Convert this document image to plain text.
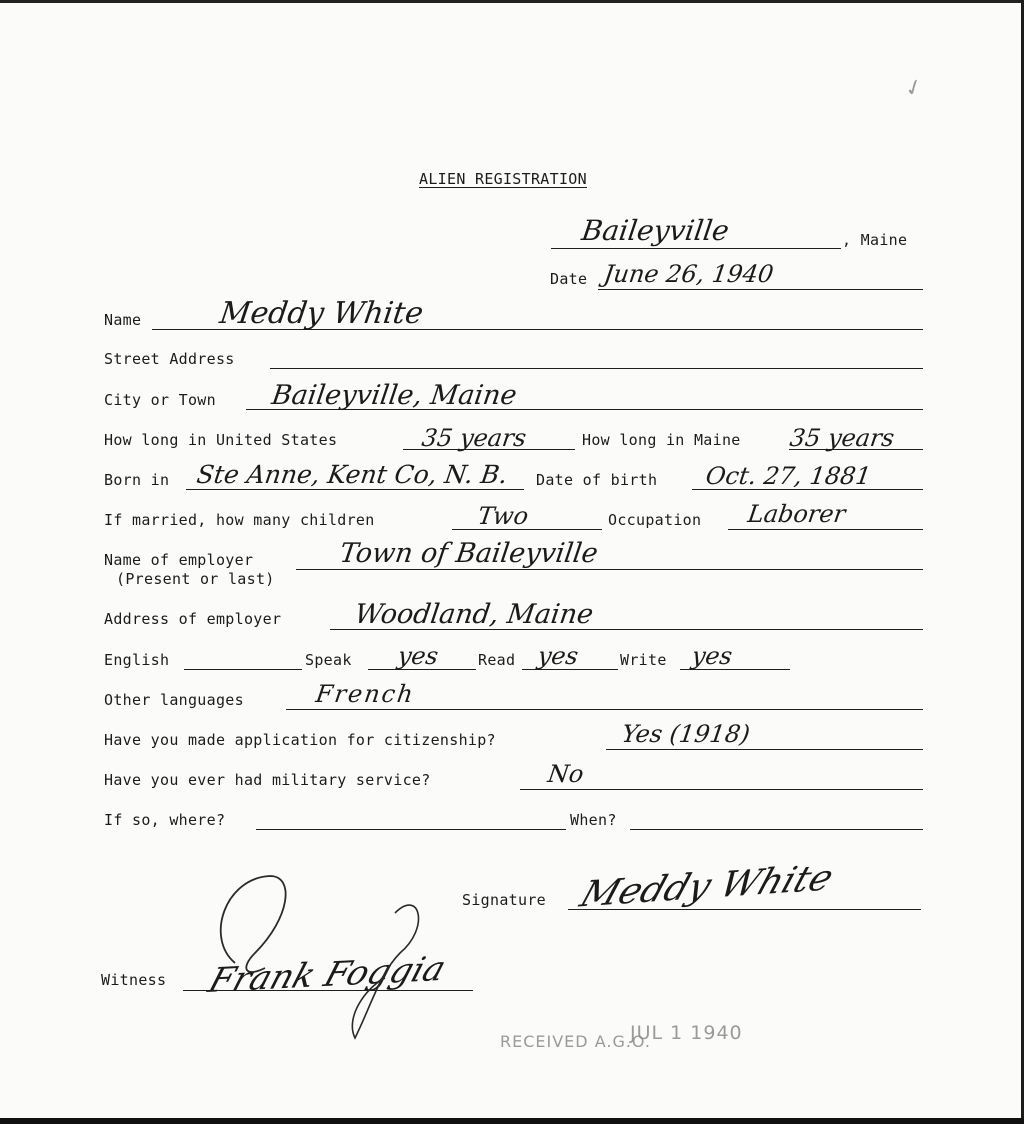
✓
ALIEN REGISTRATION
Baileyville	, Maine
Date June 26, 1940
Name	Meddy White
Street Address
City or Town Baileyville, Maine
How long in United States	35 years	How long in Maine 35 years
Born in Ste Anne, Kent Co, N. B. Date of birth Oct. 27, 1881
If married, how many children	Two	Occupation Laborer
Name of employer
(Present or last)
Town of Baileyville
Address of employer	Woodland, Maine
English	Speak yes	Read yes	Write yes
Other languages	French
Have you made application for citizenship?	Yes (1918)
Have you ever had military service?	No
If so, where?	When?
Signature Meddy White
Witness Frank Foggia
RECEIVED A.G.O.
JUL 1 1940
